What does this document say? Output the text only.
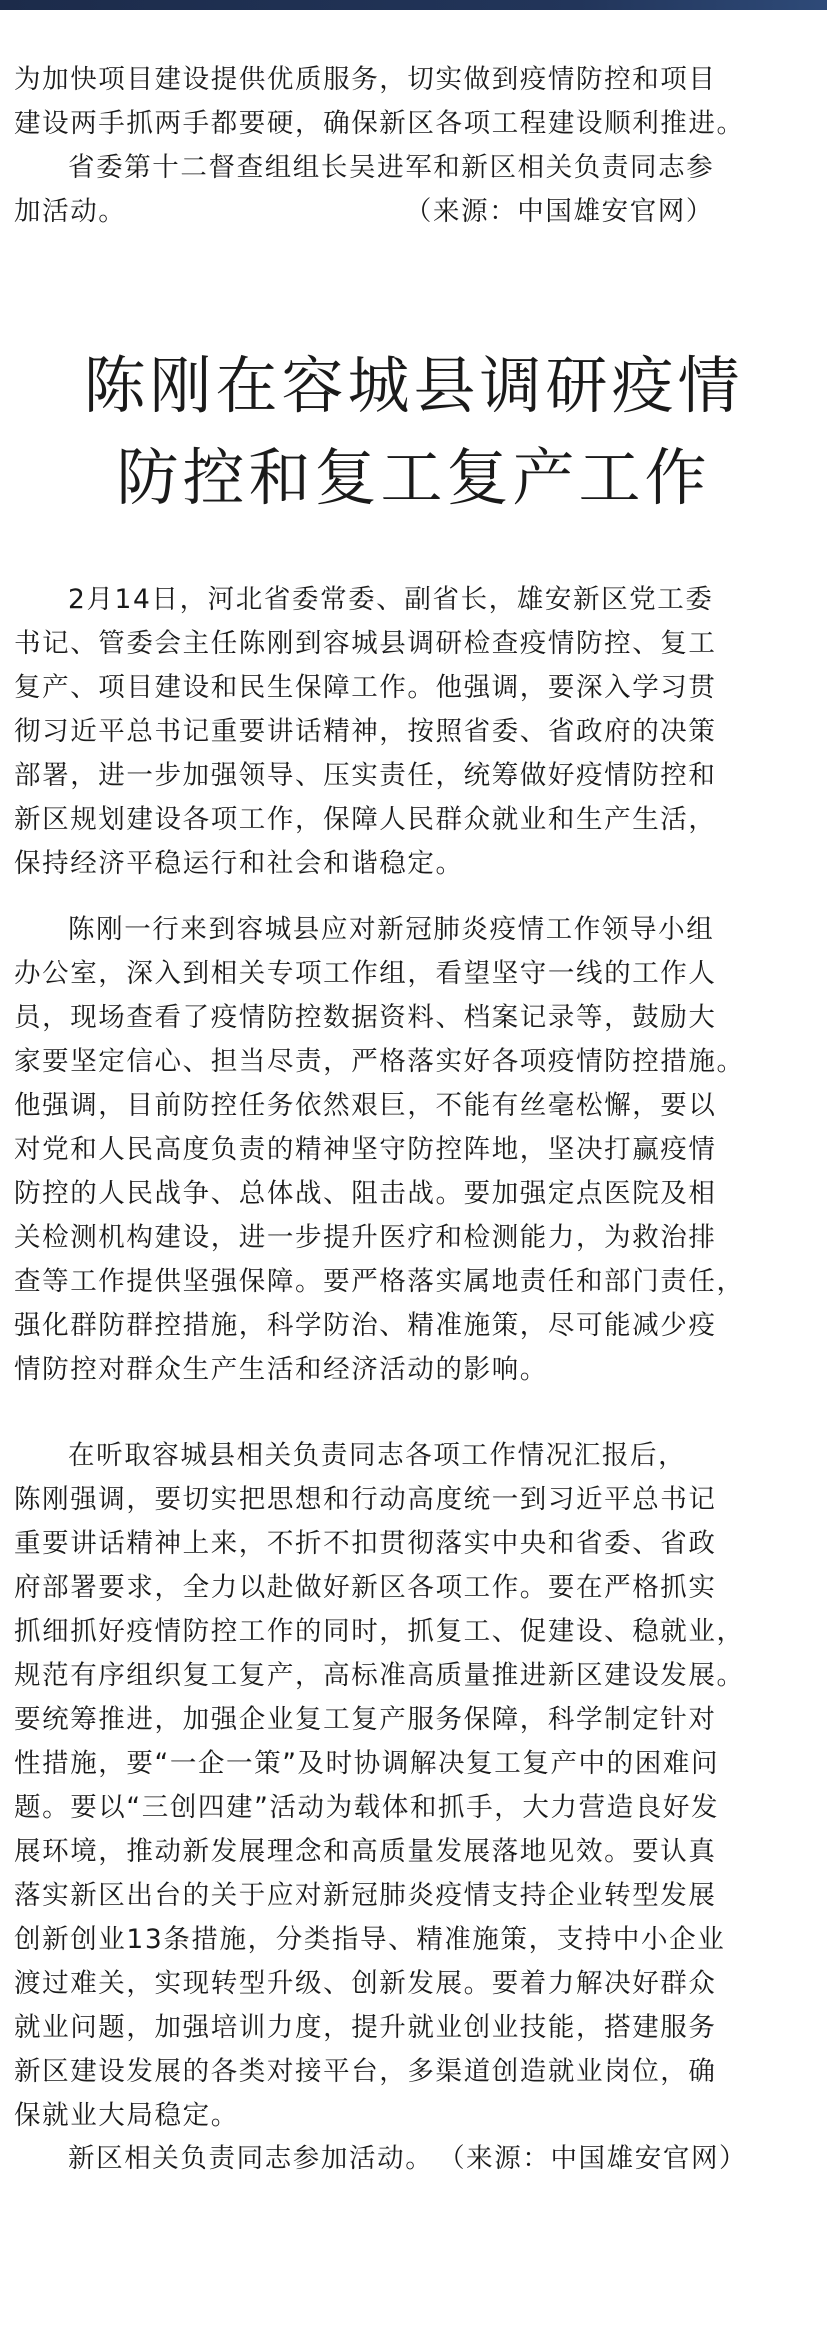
为加快项目建设提供优质服务，切实做到疫情防控和项目
建设两手抓两手都要硬，确保新区各项工程建设顺利推进。
省委第十二督查组组长吴进军和新区相关负责同志参
加活动。	（来源：中国雄安官网）
陈刚在容城县调研疫情
防控和复工复产工作
2月14日，河北省委常委、副省长，雄安新区党工委
书记、管委会主任陈刚到容城县调研检查疫情防控、复工
复产、项目建设和民生保障工作。他强调，要深入学习贯
彻习近平总书记重要讲话精神，按照省委、省政府的决策
部署，进一步加强领导、压实责任，统筹做好疫情防控和
新区规划建设各项工作，保障人民群众就业和生产生活，
保持经济平稳运行和社会和谐稳定。
陈刚一行来到容城县应对新冠肺炎疫情工作领导小组
办公室，深入到相关专项工作组，看望坚守一线的工作人
员，现场查看了疫情防控数据资料、档案记录等，鼓励大
家要坚定信心、担当尽责，严格落实好各项疫情防控措施。
他强调，目前防控任务依然艰巨，不能有丝毫松懈，要以
对党和人民高度负责的精神坚守防控阵地，坚决打赢疫情
防控的人民战争、总体战、阻击战。要加强定点医院及相
关检测机构建设，进一步提升医疗和检测能力，为救治排
查等工作提供坚强保障。要严格落实属地责任和部门责任，
强化群防群控措施，科学防治、精准施策，尽可能减少疫
情防控对群众生产生活和经济活动的影响。
在听取容城县相关负责同志各项工作情况汇报后，
陈刚强调，要切实把思想和行动高度统一到习近平总书记
重要讲话精神上来，不折不扣贯彻落实中央和省委、省政
府部署要求，全力以赴做好新区各项工作。要在严格抓实
抓细抓好疫情防控工作的同时，抓复工、促建设、稳就业，
规范有序组织复工复产，高标准高质量推进新区建设发展。
要统筹推进，加强企业复工复产服务保障，科学制定针对
性措施，要“一企一策”及时协调解决复工复产中的困难问
题。要以“三创四建”活动为载体和抓手，大力营造良好发
展环境，推动新发展理念和高质量发展落地见效。要认真
落实新区出台的关于应对新冠肺炎疫情支持企业转型发展
创新创业13条措施，分类指导、精准施策，支持中小企业
渡过难关，实现转型升级、创新发展。要着力解决好群众
就业问题，加强培训力度，提升就业创业技能，搭建服务
新区建设发展的各类对接平台，多渠道创造就业岗位，确
保就业大局稳定。
新区相关负责同志参加活动。 （来源：中国雄安官网）
